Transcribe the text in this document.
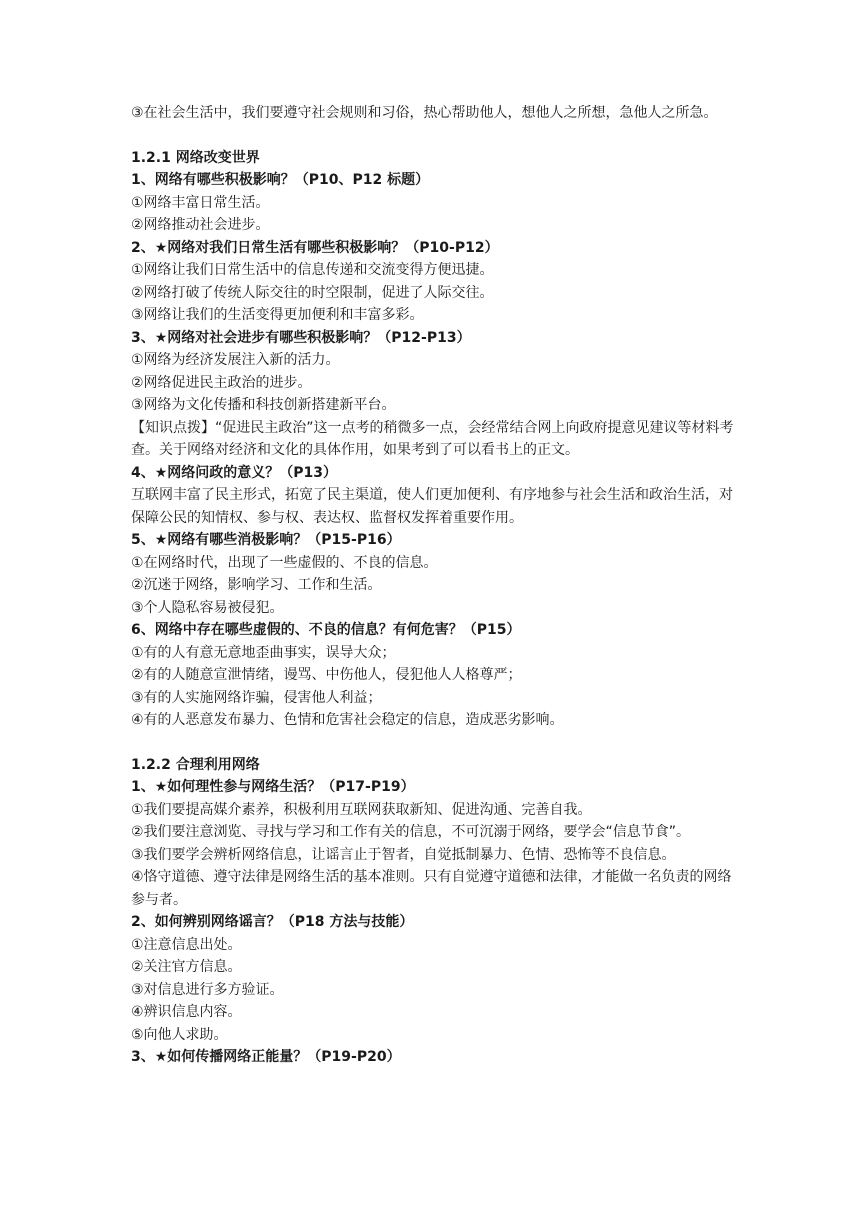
③在社会生活中，我们要遵守社会规则和习俗，热心帮助他人，想他人之所想，急他人之所急。

1.2.1 网络改变世界

1、网络有哪些积极影响？（P10、P12 标题）

①网络丰富日常生活。

②网络推动社会进步。

2、★网络对我们日常生活有哪些积极影响？（P10-P12）

①网络让我们日常生活中的信息传递和交流变得方便迅捷。

②网络打破了传统人际交往的时空限制，促进了人际交往。

③网络让我们的生活变得更加便利和丰富多彩。

3、★网络对社会进步有哪些积极影响？（P12-P13）

①网络为经济发展注入新的活力。

②网络促进民主政治的进步。

③网络为文化传播和科技创新搭建新平台。

【知识点拨】“促进民主政治”这一点考的稍微多一点，会经常结合网上向政府提意见建议等材料考查。关于网络对经济和文化的具体作用，如果考到了可以看书上的正文。

4、★网络问政的意义？（P13）

互联网丰富了民主形式，拓宽了民主渠道，使人们更加便利、有序地参与社会生活和政治生活，对保障公民的知情权、参与权、表达权、监督权发挥着重要作用。

5、★网络有哪些消极影响？（P15-P16）

①在网络时代，出现了一些虚假的、不良的信息。

②沉迷于网络，影响学习、工作和生活。

③个人隐私容易被侵犯。

6、网络中存在哪些虚假的、不良的信息？有何危害？（P15）

①有的人有意无意地歪曲事实，误导大众；

②有的人随意宣泄情绪，谩骂、中伤他人，侵犯他人人格尊严；

③有的人实施网络诈骗，侵害他人利益；

④有的人恶意发布暴力、色情和危害社会稳定的信息，造成恶劣影响。

1.2.2 合理利用网络

1、★如何理性参与网络生活？（P17-P19）

①我们要提高媒介素养，积极利用互联网获取新知、促进沟通、完善自我。

②我们要注意浏览、寻找与学习和工作有关的信息，不可沉溺于网络，要学会“信息节食”。

③我们要学会辨析网络信息，让谣言止于智者，自觉抵制暴力、色情、恐怖等不良信息。

④恪守道德、遵守法律是网络生活的基本准则。只有自觉遵守道德和法律，才能做一名负责的网络参与者。

2、如何辨别网络谣言？（P18 方法与技能）

①注意信息出处。

②关注官方信息。

③对信息进行多方验证。

④辨识信息内容。

⑤向他人求助。

3、★如何传播网络正能量？（P19-P20）
